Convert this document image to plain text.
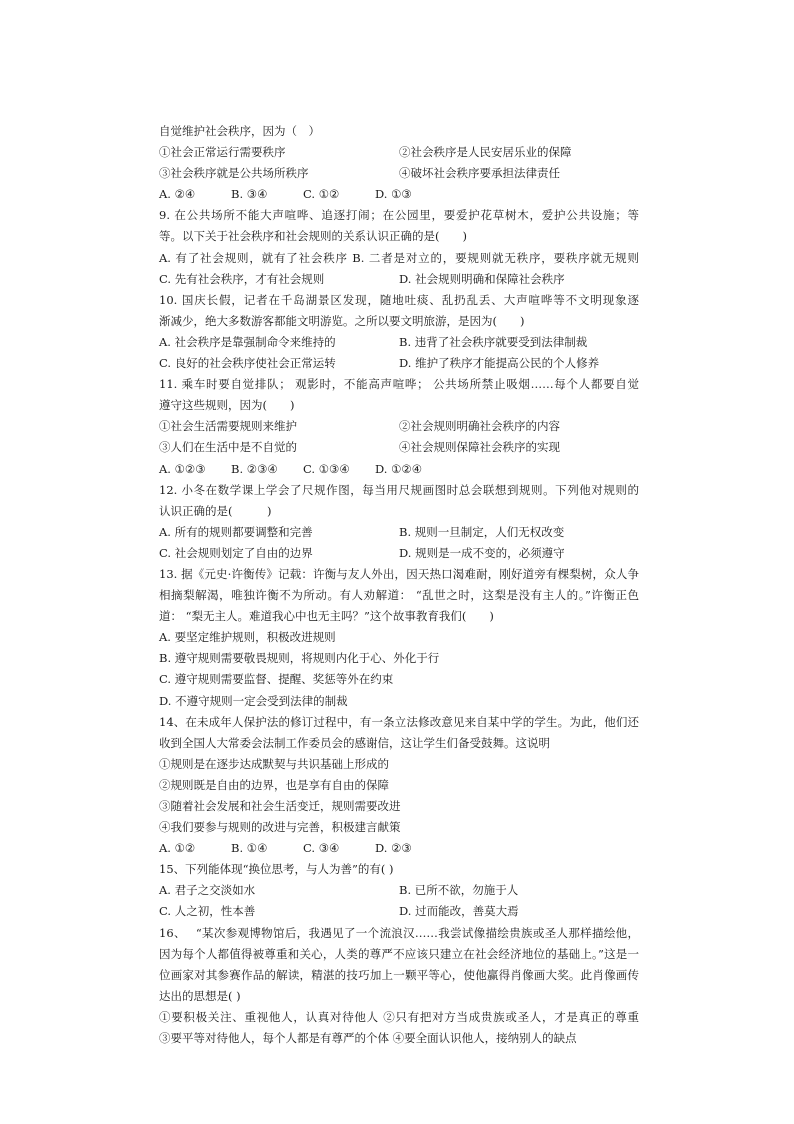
自觉维护社会秩序，因为（　）
①社会正常运行需要秩序	②社会秩序是人民安居乐业的保障
③社会秩序就是公共场所秩序	④破坏社会秩序要承担法律责任
A. ②④	B. ③④	C. ①②	D. ①③
9. 在公共场所不能大声喧哗、追逐打闹；在公园里，要爱护花草树木，爱护公共设施；等
等。以下关于社会秩序和社会规则的关系认识正确的是(　　)
A. 有了社会规则，就有了社会秩序 B. 二者是对立的，要规则就无秩序，要秩序就无规则
C. 先有社会秩序，才有社会规则	D. 社会规则明确和保障社会秩序
10. 国庆长假，记者在千岛湖景区发现，随地吐痰、乱扔乱丢、大声喧哗等不文明现象逐
渐减少，绝大多数游客都能文明游览。之所以要文明旅游，是因为(　　)
A. 社会秩序是靠强制命令来维持的	B. 违背了社会秩序就要受到法律制裁
C. 良好的社会秩序使社会正常运转	D. 维护了秩序才能提高公民的个人修养
11. 乘车时要自觉排队； 观影时，不能高声喧哗； 公共场所禁止吸烟……每个人都要自觉
遵守这些规则，因为(　　)
①社会生活需要规则来维护	②社会规则明确社会秩序的内容
③人们在生活中是不自觉的	④社会规则保障社会秩序的实现
A. ①②③ B. ②③④ C. ①③④ D. ①②④
12. 小冬在数学课上学会了尺规作图，每当用尺规画图时总会联想到规则。下列他对规则的
认识正确的是(　　　)
A. 所有的规则都要调整和完善	B. 规则一旦制定，人们无权改变
C. 社会规则划定了自由的边界	D. 规则是一成不变的，必须遵守
13. 据《元史·许衡传》记载：许衡与友人外出，因天热口渴难耐，刚好道旁有棵梨树，众人争
相摘梨解渴，唯独许衡不为所动。有人劝解道： “乱世之时，这梨是没有主人的。”许衡正色
道： “梨无主人。难道我心中也无主吗？”这个故事教育我们(　　)
A. 要坚定维护规则，积极改进规则
B. 遵守规则需要敬畏规则，将规则内化于心、外化于行
C. 遵守规则需要监督、提醒、奖惩等外在约束
D. 不遵守规则一定会受到法律的制裁
14、在未成年人保护法的修订过程中，有一条立法修改意见来自某中学的学生。为此，他们还
收到全国人大常委会法制工作委员会的感谢信，这让学生们备受鼓舞。这说明
①规则是在逐步达成默契与共识基础上形成的
②规则既是自由的边界，也是享有自由的保障
③随着社会发展和社会生活变迁，规则需要改进
④我们要参与规则的改进与完善，积极建言献策
A. ①②	B. ①④	C. ③④	D. ②③
15、下列能体现“换位思考，与人为善”的有( )
A. 君子之交淡如水	B. 已所不欲，勿施于人
C. 人之初，性本善	D. 过而能改，善莫大焉
16、　 “某次参观博物馆后，我遇见了一个流浪汉……我尝试像描绘贵族或圣人那样描绘他，
因为每个人都值得被尊重和关心，人类的尊严不应该只建立在社会经济地位的基础上。”这是一
位画家对其参赛作品的解读，精湛的技巧加上一颗平等心，使他赢得肖像画大奖。此肖像画传
达出的思想是( )
①要积极关注、重视他人，认真对待他人 ②只有把对方当成贵族或圣人，才是真正的尊重
③要平等对待他人，每个人都是有尊严的个体 ④要全面认识他人，接纳别人的缺点
